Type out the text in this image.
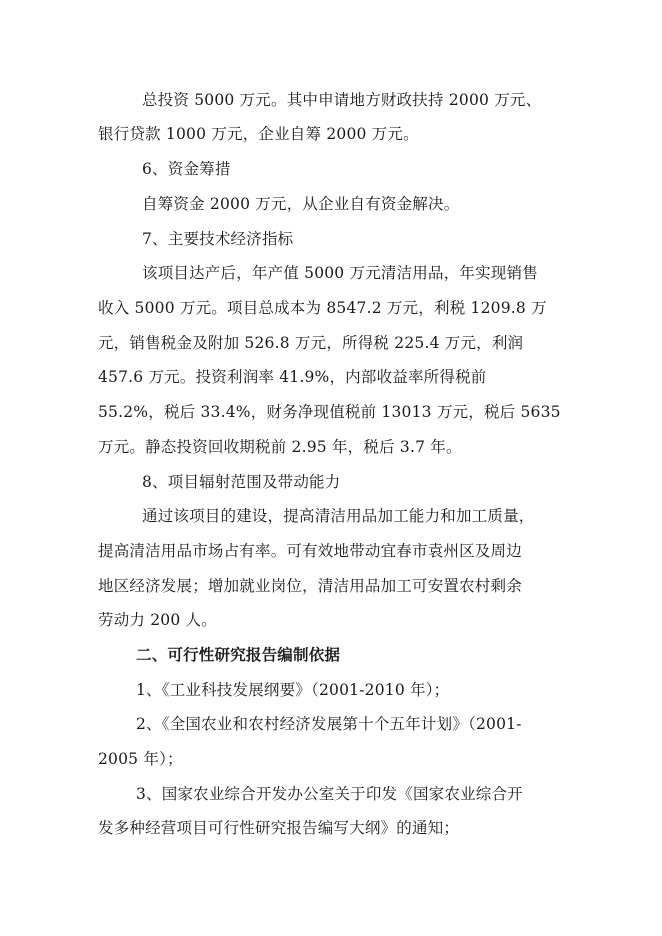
总投资 5000 万元。其中申请地方财政扶持 2000 万元、
银行贷款 1000 万元，企业自筹 2000 万元。
6、资金筹措
自筹资金 2000 万元，从企业自有资金解决。
7、主要技术经济指标
该项目达产后，年产值 5000 万元清洁用品，年实现销售
收入 5000 万元。项目总成本为 8547.2 万元，利税 1209.8 万
元，销售税金及附加 526.8 万元，所得税 225.4 万元，利润
457.6 万元。投资利润率 41.9%，内部收益率所得税前
55.2%，税后 33.4%，财务净现值税前 13013 万元，税后 5635
万元。静态投资回收期税前 2.95 年，税后 3.7 年。
8、项目辐射范围及带动能力
通过该项目的建设，提高清洁用品加工能力和加工质量，
提高清洁用品市场占有率。可有效地带动宜春市袁州区及周边
地区经济发展；增加就业岗位，清洁用品加工可安置农村剩余
劳动力 200 人。
二、可行性研究报告编制依据
1、《工业科技发展纲要》（2001-2010 年）；
2、《全国农业和农村经济发展第十个五年计划》（2001-
2005 年）；
3、国家农业综合开发办公室关于印发《国家农业综合开
发多种经营项目可行性研究报告编写大纲》的通知；
